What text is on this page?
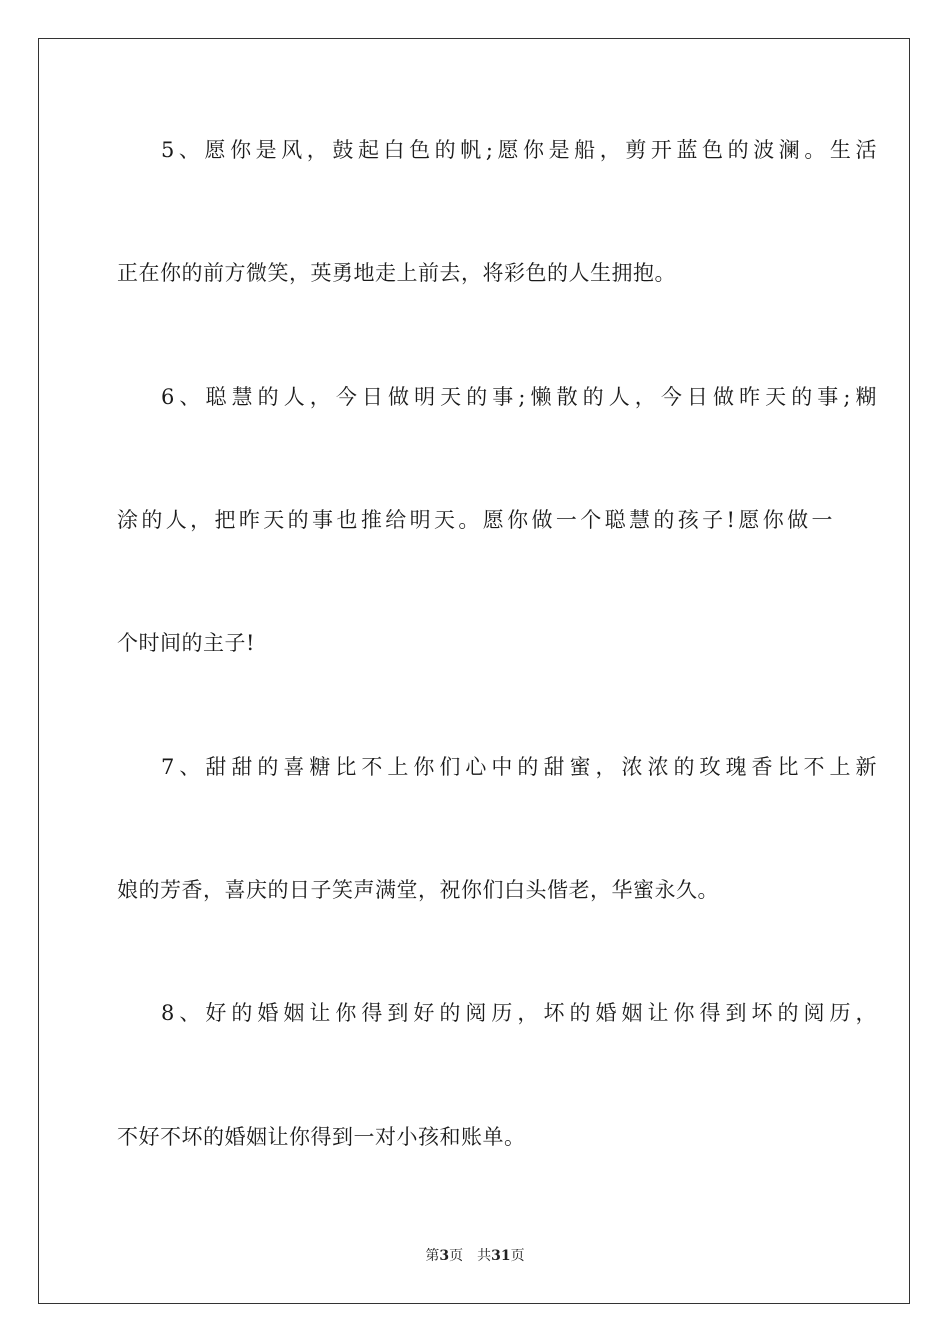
5、愿你是风，鼓起白色的帆;愿你是船，剪开蓝色的波澜。生活
正在你的前方微笑，英勇地走上前去，将彩色的人生拥抱。
6、聪慧的人，今日做明天的事;懒散的人，今日做昨天的事;糊
涂的人，把昨天的事也推给明天。愿你做一个聪慧的孩子!愿你做一
个时间的主子!
7、甜甜的喜糖比不上你们心中的甜蜜，浓浓的玫瑰香比不上新
娘的芳香，喜庆的日子笑声满堂，祝你们白头偕老，华蜜永久。
8、好的婚姻让你得到好的阅历，坏的婚姻让你得到坏的阅历，
不好不坏的婚姻让你得到一对小孩和账单。
第3页 共31页
